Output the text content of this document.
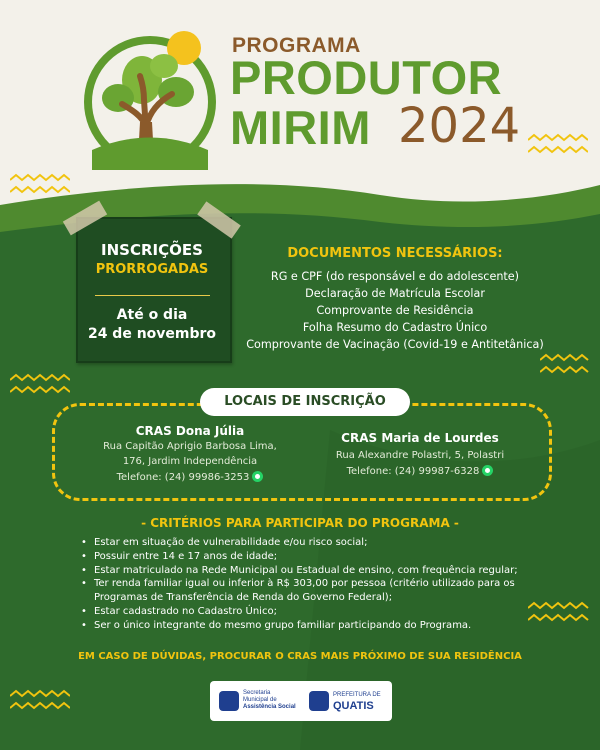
PROGRAMA
PRODUTOR
MIRIM 2024
INSCRIÇÕES
PRORROGADAS
Até o dia
24 de novembro
DOCUMENTOS NECESSÁRIOS:
RG e CPF (do responsável e do adolescente)
Declaração de Matrícula Escolar
Comprovante de Residência
Folha Resumo do Cadastro Único
Comprovante de Vacinação (Covid-19 e Antitetânica)
LOCAIS DE INSCRIÇÃO
CRAS Dona Júlia
Rua Capitão Aprigio Barbosa Lima,
176, Jardim Independência
Telefone: (24) 99986-3253
CRAS Maria de Lourdes
Rua Alexandre Polastri, 5, Polastri
Telefone: (24) 99987-6328
- CRITÉRIOS PARA PARTICIPAR DO PROGRAMA -
• Estar em situação de vulnerabilidade e/ou risco social;
• Possuir entre 14 e 17 anos de idade;
• Estar matriculado na Rede Municipal ou Estadual de ensino, com frequência regular;
• Ter renda familiar igual ou inferior à R$ 303,00 por pessoa (critério utilizado para os Programas de Transferência de Renda do Governo Federal);
• Estar cadastrado no Cadastro Único;
• Ser o único integrante do mesmo grupo familiar participando do Programa.
EM CASO DE DÚVIDAS, PROCURAR O CRAS MAIS PRÓXIMO DE SUA RESIDÊNCIA
Secretaria
Municipal de
Assistência Social
PREFEITURA DE
QUATIS
